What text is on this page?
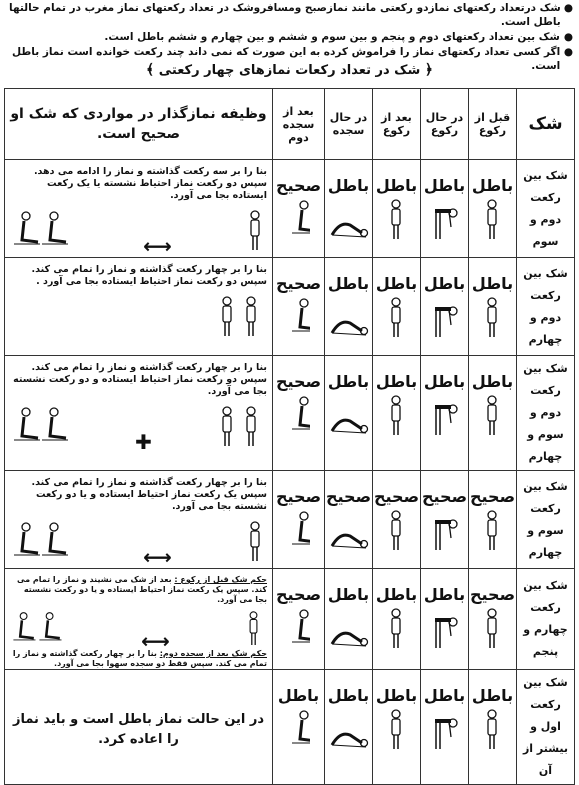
●
شک درتعداد رکعتهای نمازدو رکعتی مانند نمازصبح ومسافروشک در تعداد رکعتهای نماز مغرب در تمام حالتها باطل است.
●
شک بین تعداد رکعتهای دوم و پنجم و بین سوم و ششم و بین چهارم و ششم باطل است.
●
اگر کسی تعداد رکعتهای نماز را فراموش کرده به این صورت که نمی داند چند رکعت خوانده است نماز باطل است.
﴿ شک در تعداد رکعات نمازهای چهار رکعتی ﴾
شک	قبل از رکوع	در حال رکوع	بعد از رکوع	در حال سجده	بعد از سجده دوم	وظیفه نمازگذار در مواردی که شک او صحیح است.
شک بین رکعت دوم و سوم	باطل	باطل	باطل	باطل	صحیح	بنا را بر سه رکعت گذاشته و نماز را ادامه می دهد. سپس دو رکعت نماز احتیاط نشسته یا یک رکعت ایستاده بجا می آورد.
⟷

شک بین رکعت دوم و چهارم	باطل	باطل	باطل	باطل	صحیح	بنا را بر چهار رکعت گذاشته و نماز را تمام می کند. سپس دو رکعت نماز احتیاط ایستاده بجا می آورد .

شک بین رکعت دوم و سوم و چهارم	باطل	باطل	باطل	باطل	صحیح	بنا را بر چهار رکعت گذاشته و نماز را تمام می کند. سپس دو رکعت نماز احتیاط ایستاده و دو رکعت نشسته بجا می آورد.
✚

شک بین رکعت سوم و چهارم	صحیح	صحیح	صحیح	صحیح	صحیح	بنا را بر چهار رکعت گذاشته و نماز را تمام می کند. سپس یک رکعت نماز احتیاط ایستاده و یا دو رکعت نشسته بجا می آورد.
⟷

شک بین رکعت چهارم و پنجم	صحیح	باطل	باطل	باطل	صحیح	حکم شک قبل از رکوع : بعد از شک می نشیند و نماز را تمام می کند. سپس یک رکعت نماز احتیاط ایستاده و یا دو رکعت نشسته بجا می آورد.
⟷
حکم شک بعد از سجده دوم: بنا را بر چهار رکعت گذاشته و نماز را تمام می کند. سپس فقط دو سجده سهوا بجا می آورد.

شک بین رکعت اول و بیشتر از آن	باطل	باطل	باطل	باطل	باطل	در این حالت نماز باطل است و باید نماز را اعاده کرد.
